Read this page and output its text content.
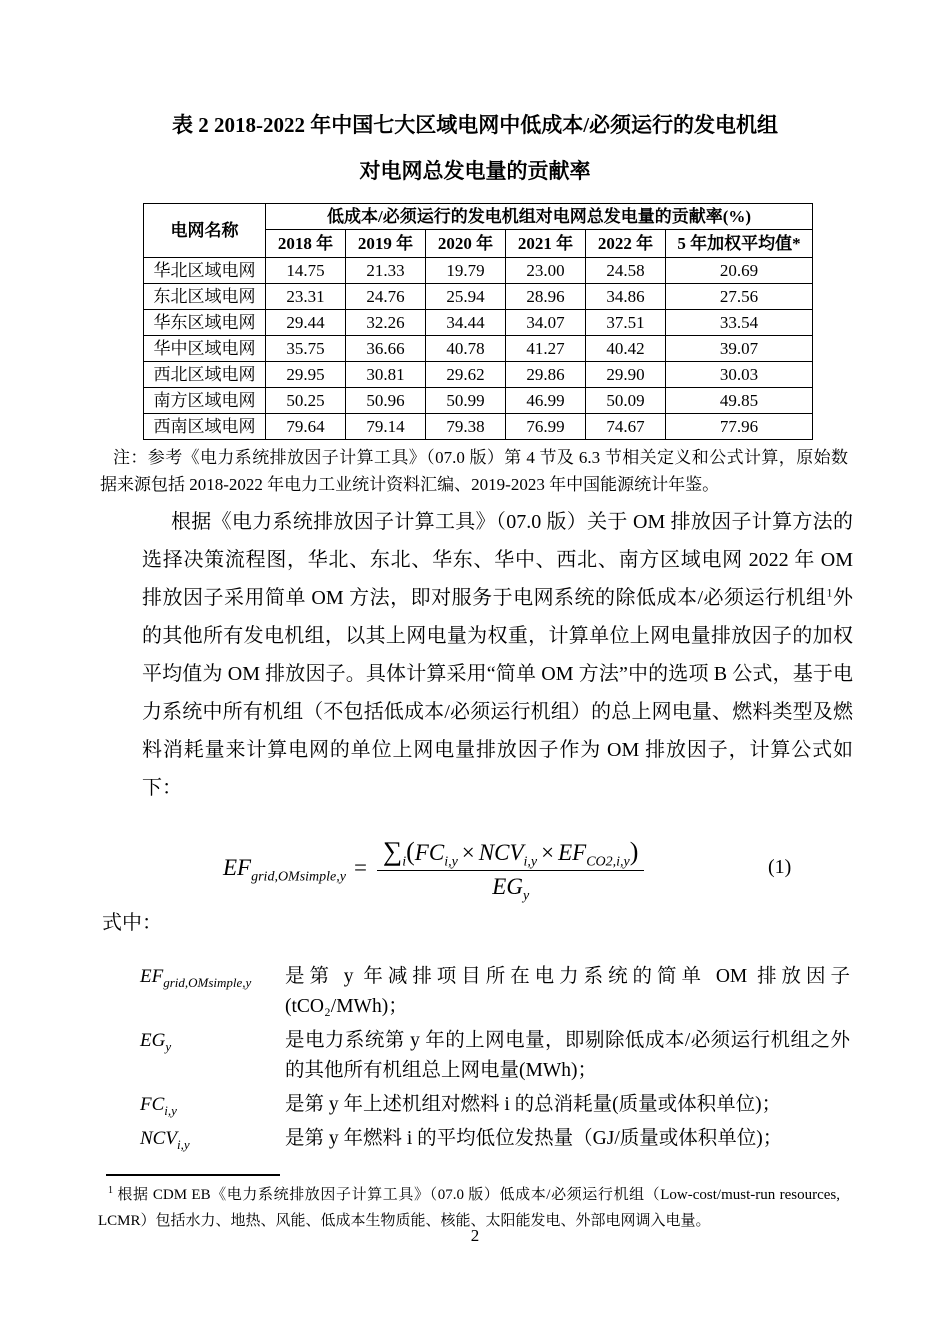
表 2 2018-2022 年中国七大区域电网中低成本/必须运行的发电机组
对电网总发电量的贡献率
电网名称	低成本/必须运行的发电机组对电网总发电量的贡献率(%)					
	2018 年	2019 年	2020 年	2021 年	2022 年	5 年加权平均值*
华北区域电网	14.75	21.33	19.79	23.00	24.58	20.69
东北区域电网	23.31	24.76	25.94	28.96	34.86	27.56
华东区域电网	29.44	32.26	34.44	34.07	37.51	33.54
华中区域电网	35.75	36.66	40.78	41.27	40.42	39.07
西北区域电网	29.95	30.81	29.62	29.86	29.90	30.03
南方区域电网	50.25	50.96	50.99	46.99	50.09	49.85
西南区域电网	79.64	79.14	79.38	76.99	74.67	77.96
注：参考《电力系统排放因子计算工具》（07.0 版）第 4 节及 6.3 节相关定义和公式计算，原始数据来源包括 2018-2022 年电力工业统计资料汇编、2019-2023 年中国能源统计年鉴。

根据《电力系统排放因子计算工具》（07.0 版）关于 OM 排放因子计算方法的选择决策流程图，华北、东北、华东、华中、西北、南方区域电网 2022 年 OM 排放因子采用简单 OM 方法，即对服务于电网系统的除低成本/必须运行机组$^1$外的其他所有发电机组，以其上网电量为权重，计算单位上网电量排放因子的加权平均值为 OM 排放因子。具体计算采用“简单 OM 方法”中的选项 B 公式，基于电力系统中所有机组（不包括低成本/必须运行机组）的总上网电量、燃料类型及燃料消耗量来计算电网的单位上网电量排放因子作为 OM 排放因子，计算公式如下：

$EF_{grid,OMsimple,y} = \frac{\sum_i(FC_{i,y} \times NCV_{i,y} \times EF_{CO2,i,y})}{EG_y}$	(1)
式中：
$EF_{grid,OMsimple,y}$	是第 y 年减排项目所在电力系统的简单 OM 排放因子(tCO₂/MWh)；
$EG_y$	是电力系统第 y 年的上网电量，即剔除低成本/必须运行机组之外的其他所有机组总上网电量(MWh)；
$FC_{i,y}$	是第 y 年上述机组对燃料 i 的总消耗量(质量或体积单位)；
$NCV_{i,y}$	是第 y 年燃料 i 的平均低位发热量（GJ/质量或体积单位)；
$^1$ 根据 CDM EB《电力系统排放因子计算工具》（07.0 版）低成本/必须运行机组（Low-cost/must-run resources, LCMR）包括水力、地热、风能、低成本生物质能、核能、太阳能发电、外部电网调入电量。
2
